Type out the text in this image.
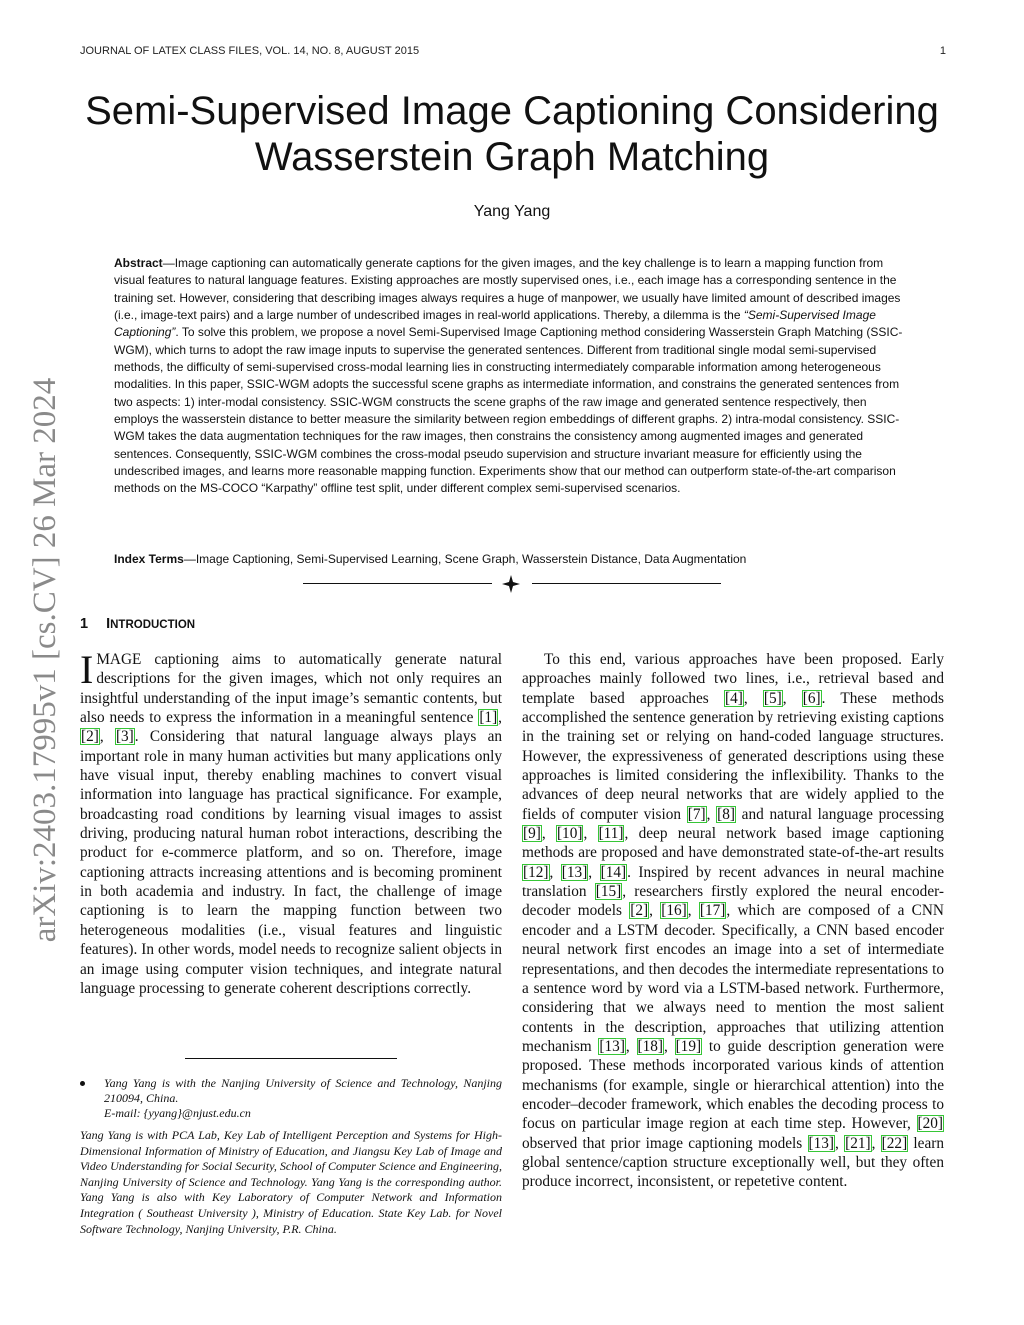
JOURNAL OF LATEX CLASS FILES, VOL. 14, NO. 8, AUGUST 2015	1
arXiv:2403.17995v1 [cs.CV] 26 Mar 2024
Semi-Supervised Image Captioning Considering
Wasserstein Graph Matching
Yang Yang
Abstract—Image captioning can automatically generate captions for the given images, and the key challenge is to learn a mapping function from visual features to natural language features. Existing approaches are mostly supervised ones, i.e., each image has a corresponding sentence in the training set. However, considering that describing images always requires a huge of manpower, we usually have limited amount of described images (i.e., image-text pairs) and a large number of undescribed images in real-world applications. Thereby, a dilemma is the “Semi-Supervised Image Captioning”. To solve this problem, we propose a novel Semi-Supervised Image Captioning method considering Wasserstein Graph Matching (SSIC-WGM), which turns to adopt the raw image inputs to supervise the generated sentences. Different from traditional single modal semi-supervised methods, the difficulty of semi-supervised cross-modal learning lies in constructing intermediately comparable information among heterogeneous modalities. In this paper, SSIC-WGM adopts the successful scene graphs as intermediate information, and constrains the generated sentences from two aspects: 1) inter-modal consistency. SSIC-WGM constructs the scene graphs of the raw image and generated sentence respectively, then employs the wasserstein distance to better measure the similarity between region embeddings of different graphs. 2) intra-modal consistency. SSIC-WGM takes the data augmentation techniques for the raw images, then constrains the consistency among augmented images and generated sentences. Consequently, SSIC-WGM combines the cross-modal pseudo supervision and structure invariant measure for efficiently using the undescribed images, and learns more reasonable mapping function. Experiments show that our method can outperform state-of-the-art comparison methods on the MS-COCO “Karpathy” offline test split, under different complex semi-supervised scenarios.
Index Terms—Image Captioning, Semi-Supervised Learning, Scene Graph, Wasserstein Distance, Data Augmentation
1 INTRODUCTION
IMAGE captioning aims to automatically generate natural descriptions for the given images, which not only requires an insightful understanding of the input image’s semantic contents, but also needs to express the information in a meaningful sentence [1], [2], [3]. Considering that natural language always plays an important role in many human activities but many applications only have visual input, thereby enabling machines to convert visual information into language has practical significance. For example, broadcasting road conditions by learning visual images to assist driving, producing natural human robot interactions, describing the product for e-commerce platform, and so on. Therefore, image captioning attracts increasing attentions and is becoming prominent in both academia and industry. In fact, the challenge of image captioning is to learn the mapping function between two heterogeneous modalities (i.e., visual features and linguistic features). In other words, model needs to recognize salient objects in an image using computer vision techniques, and integrate natural language processing to generate coherent descriptions correctly.
Yang Yang is with the Nanjing University of Science and Technology, Nanjing 210094, China.
E-mail: {yyang}@njust.edu.cn
Yang Yang is with PCA Lab, Key Lab of Intelligent Perception and Systems for High-Dimensional Information of Ministry of Education, and Jiangsu Key Lab of Image and Video Understanding for Social Security, School of Computer Science and Engineering, Nanjing University of Science and Technology. Yang Yang is the corresponding author. Yang Yang is also with Key Laboratory of Computer Network and Information Integration ( Southeast University ), Ministry of Education. State Key Lab. for Novel Software Technology, Nanjing University, P.R. China.
To this end, various approaches have been proposed. Early approaches mainly followed two lines, i.e., retrieval based and template based approaches [4], [5], [6]. These methods accomplished the sentence generation by retrieving existing captions in the training set or relying on hand-coded language structures. However, the expressiveness of generated descriptions using these approaches is limited considering the inflexibility. Thanks to the advances of deep neural networks that are widely applied to the fields of computer vision [7], [8] and natural language processing [9], [10], [11], deep neural network based image captioning methods are proposed and have demonstrated state-of-the-art results [12], [13], [14]. Inspired by recent advances in neural machine translation [15], researchers firstly explored the neural encoder-decoder models [2], [16], [17], which are composed of a CNN encoder and a LSTM decoder. Specifically, a CNN based encoder neural network first encodes an image into a set of intermediate representations, and then decodes the intermediate representations to a sentence word by word via a LSTM-based network. Furthermore, considering that we always need to mention the most salient contents in the description, approaches that utilizing attention mechanism [13], [18], [19] to guide description generation were proposed. These methods incorporated various kinds of attention mechanisms (for example, single or hierarchical attention) into the encoder–decoder framework, which enables the decoding process to focus on particular image region at each time step. However, [20] observed that prior image captioning models [13], [21], [22] learn global sentence/caption structure exceptionally well, but they often produce incorrect, inconsistent, or repetetive content.
